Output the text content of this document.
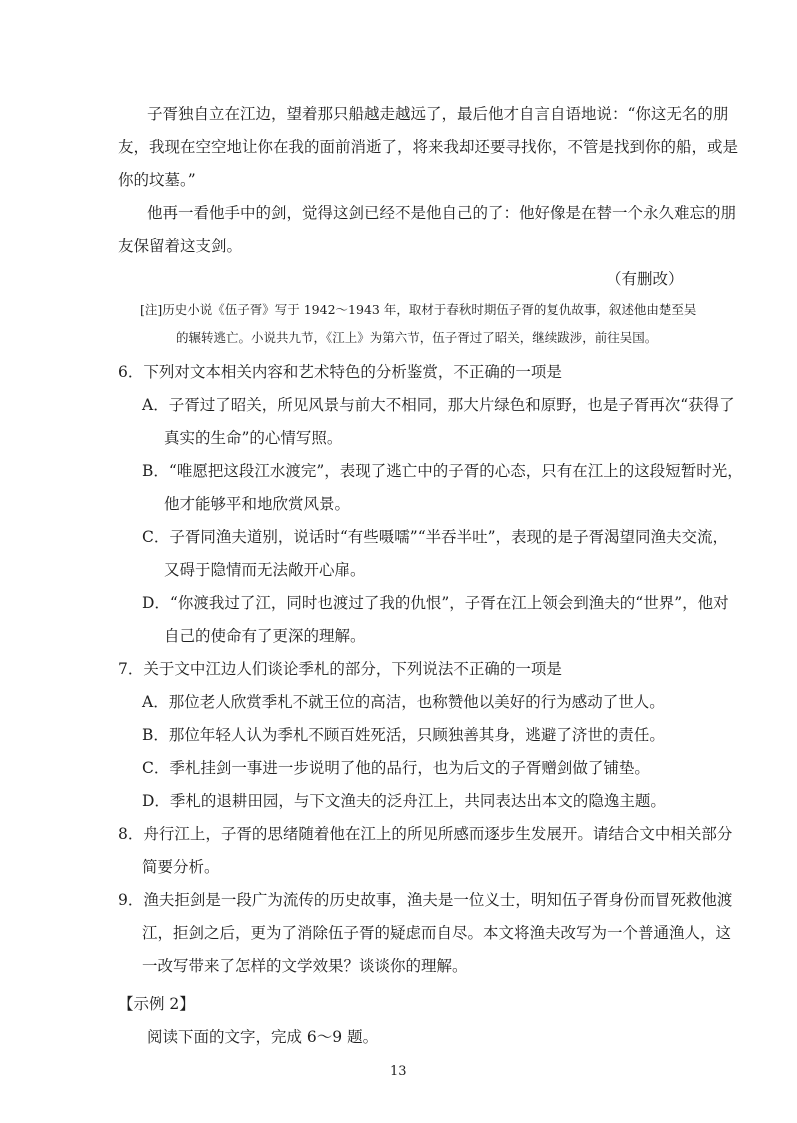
子胥独自立在江边，望着那只船越走越远了，最后他才自言自语地说：“你这无名的朋
友，我现在空空地让你在我的面前消逝了，将来我却还要寻找你，不管是找到你的船，或是
你的坟墓。”
他再一看他手中的剑，觉得这剑已经不是他自己的了：他好像是在替一个永久难忘的朋
友保留着这支剑。
（有删改）
[注]历史小说《伍子胥》写于 1942～1943 年，取材于春秋时期伍子胥的复仇故事，叙述他由楚至吴
的辗转逃亡。小说共九节，《江上》为第六节，伍子胥过了昭关，继续跋涉，前往吴国。
6．下列对文本相关内容和艺术特色的分析鉴赏，不正确的一项是
A．子胥过了昭关，所见风景与前大不相同，那大片绿色和原野，也是子胥再次“获得了
真实的生命”的心情写照。
B．“唯愿把这段江水渡完”，表现了逃亡中的子胥的心态，只有在江上的这段短暂时光，
他才能够平和地欣赏风景。
C．子胥同渔夫道别，说话时“有些嗫嚅”“半吞半吐”，表现的是子胥渴望同渔夫交流，
又碍于隐情而无法敞开心扉。
D．“你渡我过了江，同时也渡过了我的仇恨”，子胥在江上领会到渔夫的“世界”，他对
自己的使命有了更深的理解。
7．关于文中江边人们谈论季札的部分，下列说法不正确的一项是
A．那位老人欣赏季札不就王位的高洁，也称赞他以美好的行为感动了世人。
B．那位年轻人认为季札不顾百姓死活，只顾独善其身，逃避了济世的责任。
C．季札挂剑一事进一步说明了他的品行，也为后文的子胥赠剑做了铺垫。
D．季札的退耕田园，与下文渔夫的泛舟江上，共同表达出本文的隐逸主题。
8．舟行江上，子胥的思绪随着他在江上的所见所感而逐步生发展开。请结合文中相关部分
简要分析。
9．渔夫拒剑是一段广为流传的历史故事，渔夫是一位义士，明知伍子胥身份而冒死救他渡
江，拒剑之后，更为了消除伍子胥的疑虑而自尽。本文将渔夫改写为一个普通渔人，这
一改写带来了怎样的文学效果？谈谈你的理解。
【示例 2】
阅读下面的文字，完成 6～9 题。
13
